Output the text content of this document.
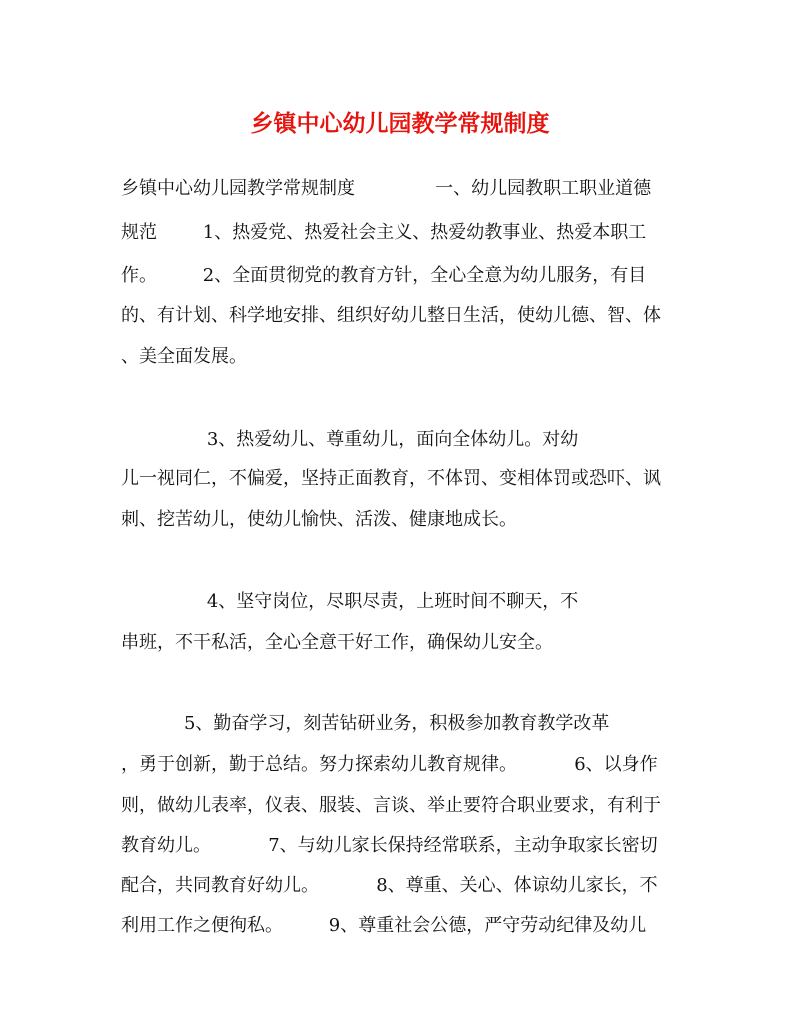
乡镇中心幼儿园教学常规制度
乡镇中心幼儿园教学常规制度              一、幼儿园教职工职业道德
规范        1、热爱党、热爱社会主义、热爱幼教事业、热爱本职工
作。        2、全面贯彻党的教育方针，全心全意为幼儿服务，有目
的、有计划、科学地安排、组织好幼儿整日生活，使幼儿德、智、体
、美全面发展。
3、热爱幼儿、尊重幼儿，面向全体幼儿。对幼
儿一视同仁，不偏爱，坚持正面教育，不体罚、变相体罚或恐吓、讽
刺、挖苦幼儿，使幼儿愉快、活泼、健康地成长。
4、坚守岗位，尽职尽责，上班时间不聊天，不
串班，不干私活，全心全意干好工作，确保幼儿安全。
5、勤奋学习，刻苦钻研业务，积极参加教育教学改革
，勇于创新，勤于总结。努力探索幼儿教育规律。          6、以身作
则，做幼儿表率，仪表、服装、言谈、举止要符合职业要求，有利于
教育幼儿。          7、与幼儿家长保持经常联系，主动争取家长密切
配合，共同教育好幼儿。          8、尊重、关心、体谅幼儿家长，不
利用工作之便徇私。        9、尊重社会公德，严守劳动纪律及幼儿
